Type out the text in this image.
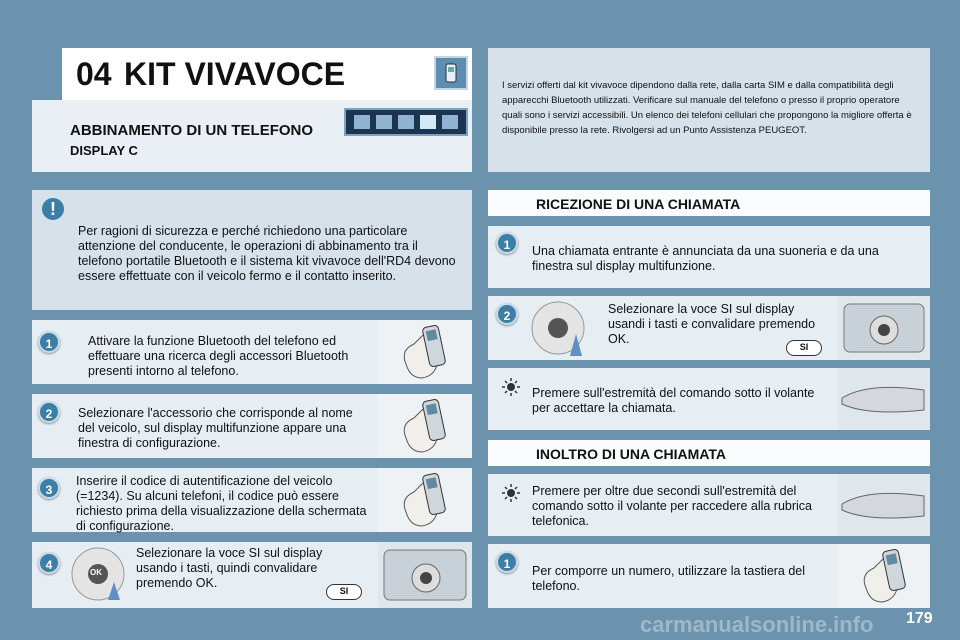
04 KIT VIVAVOCE
ABBINAMENTO DI UN TELEFONO
DISPLAY C

I servizi offerti dal kit vivavoce dipendono dalla rete, dalla carta SIM e dalla compatibilità degli apparecchi Bluetooth utilizzati. Verificare sul manuale del telefono o presso il proprio operatore quali sono i servizi accessibili. Un elenco dei telefoni cellulari che propongono la migliore offerta è disponibile presso la rete. Rivolgersi ad un Punto Assistenza PEUGEOT.

!

Per ragioni di sicurezza e perché richiedono una particolare attenzione del conducente, le operazioni di abbinamento tra il telefono portatile Bluetooth e il sistema kit vivavoce dell'RD4 devono essere effettuate con il veicolo fermo e il contatto inserito.

1	Attivare la funzione Bluetooth del telefono ed effettuare una ricerca degli accessori Bluetooth presenti intorno al telefono.

2	Selezionare l'accessorio che corrisponde al nome del veicolo, sul display multifunzione appare una finestra di configurazione.

3

Inserire il codice di autentificazione del veicolo (=1234). Su alcuni telefoni, il codice può essere richiesto prima della visualizzazione della schermata di configurazione.

4
OK

Selezionare la voce SI sul display usando i tasti, quindi convalidare premendo OK.

SI
RICEZIONE DI UNA CHIAMATA
1	Una chiamata entrante è annunciata da una suoneria e da una finestra sul display multifunzione.

2	Selezionare la voce SI sul display usandi i tasti e convalidare premendo OK.

SI

Premere sull'estremità del comando sotto il volante per accettare la chiamata.

INOLTRO DI UNA CHIAMATA

Premere per oltre due secondi sull'estremità del comando sotto il volante per raccedere alla rubrica telefonica.

1	Per comporre un numero, utilizzare la tastiera del telefono.

179
carmanualsonline.info
